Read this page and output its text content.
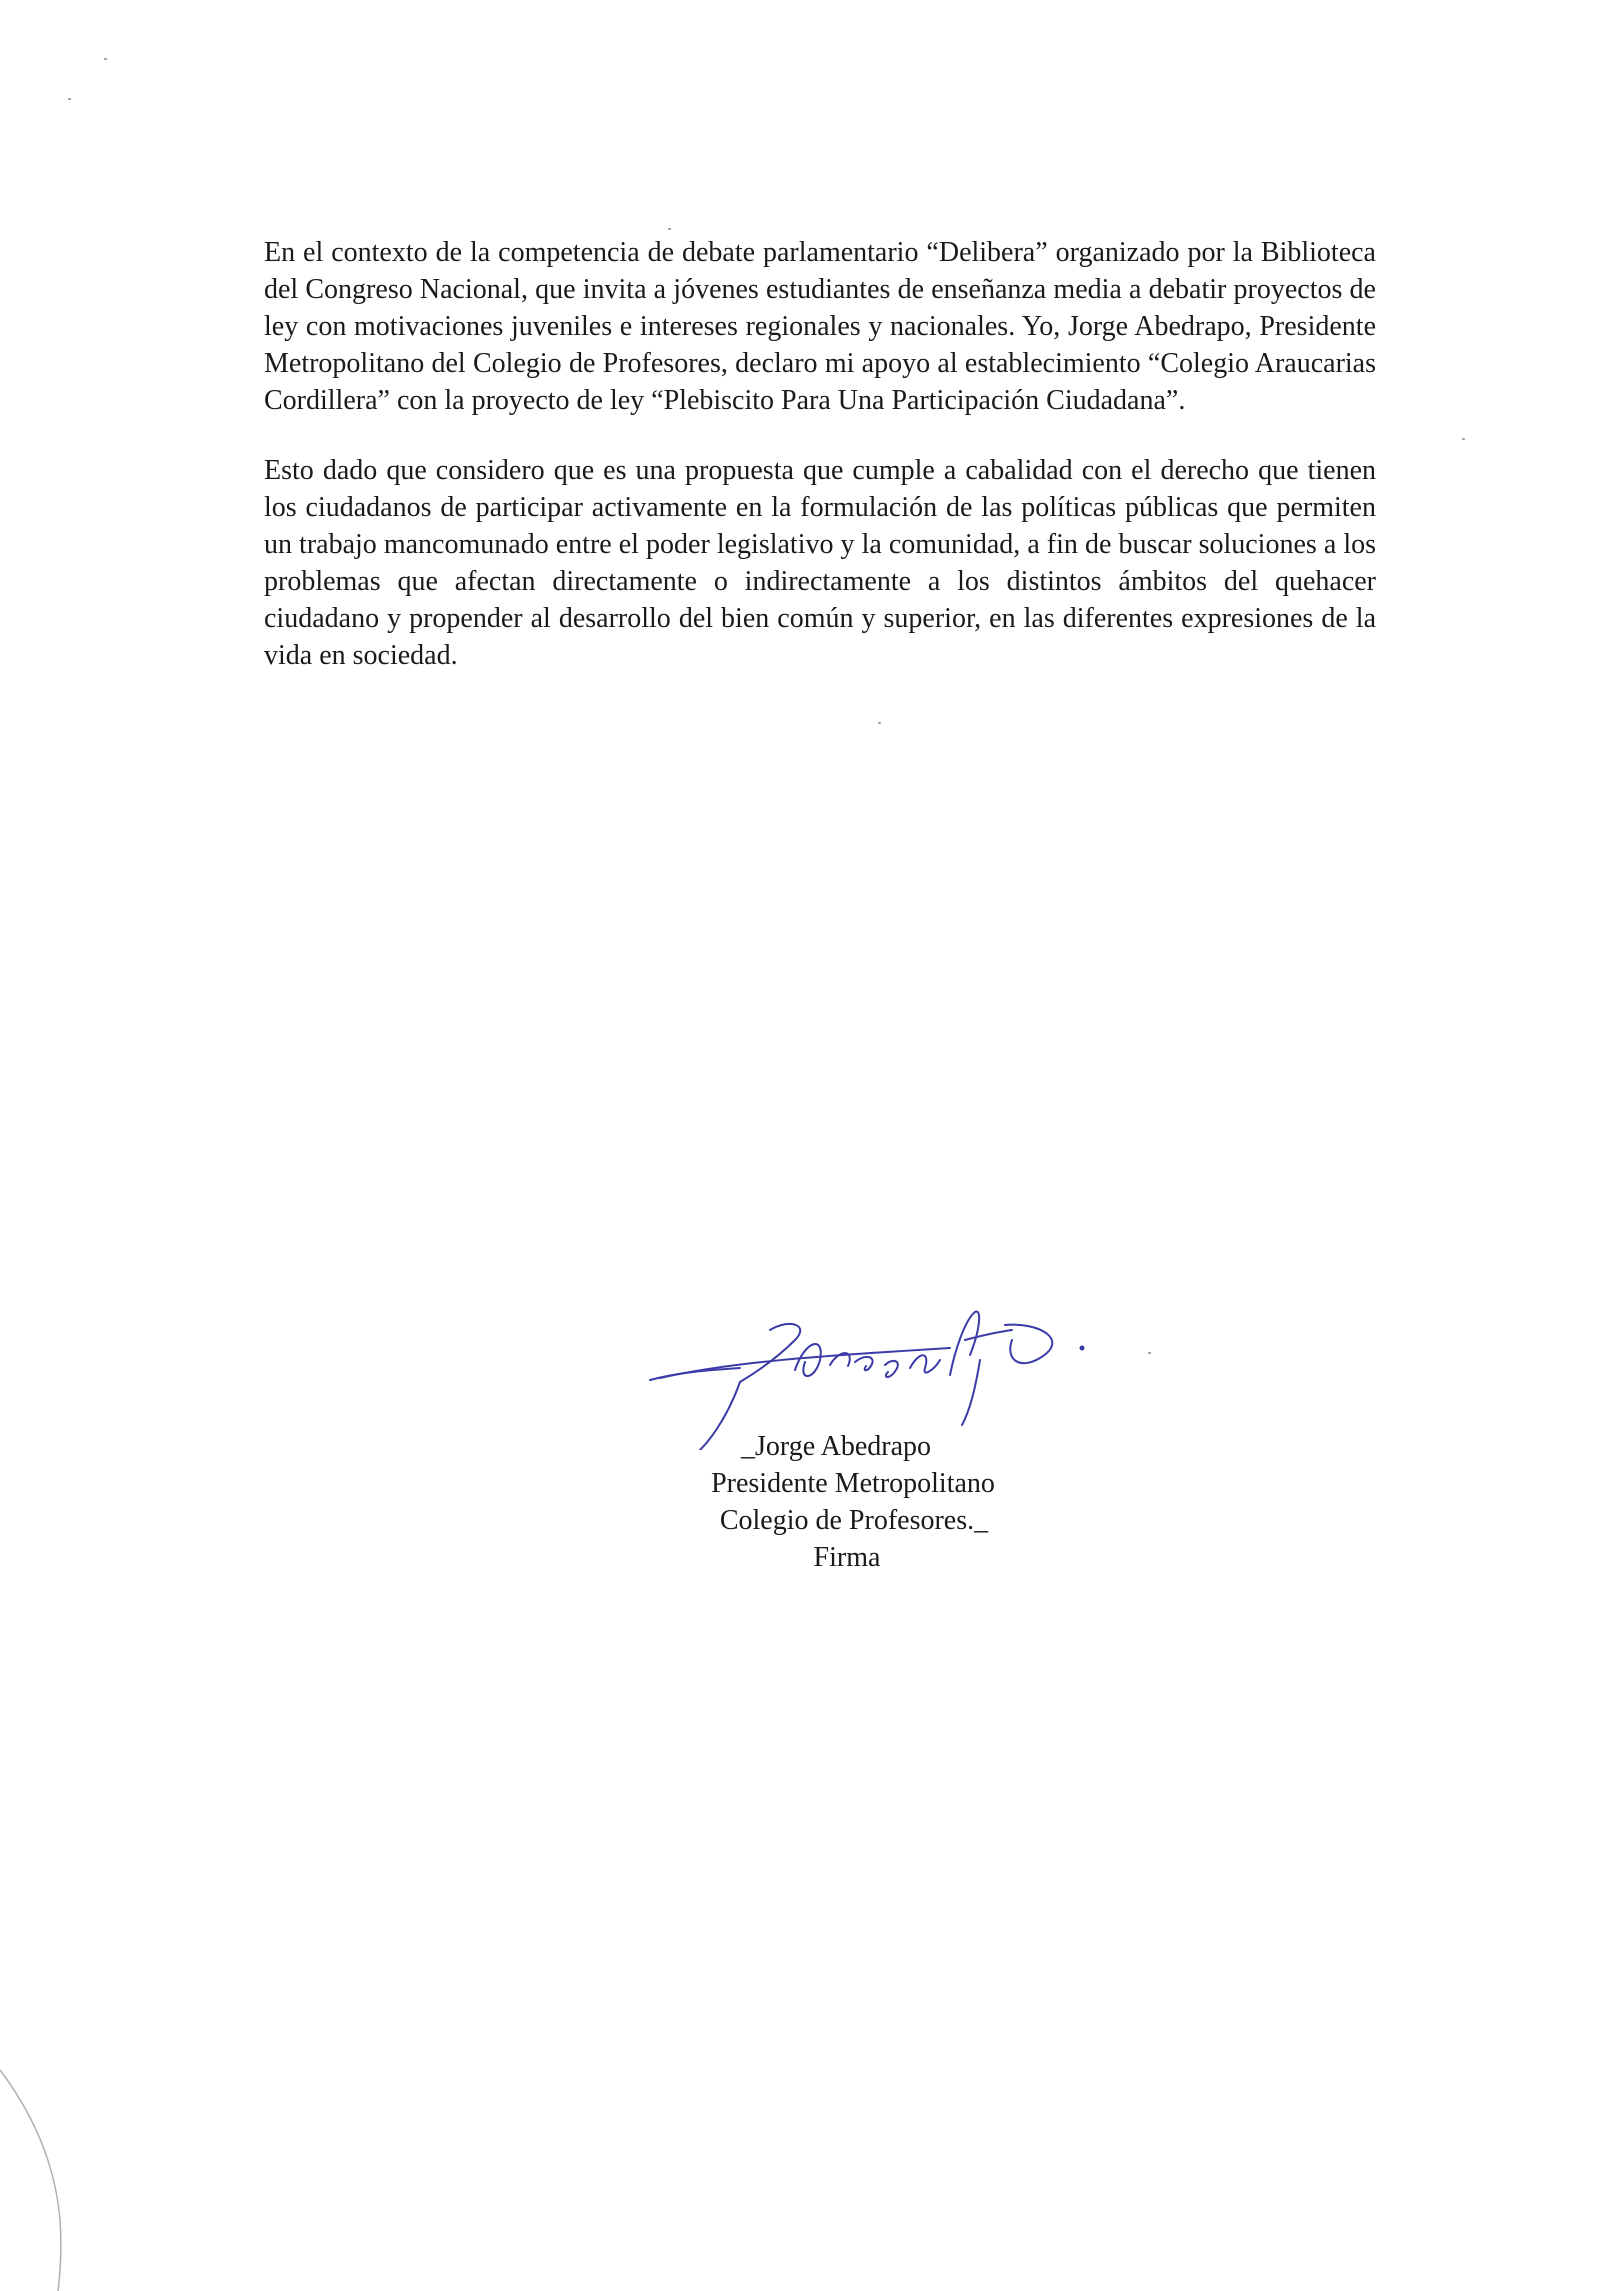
En el contexto de la competencia de debate parlamentario “Delibera” organizado por la Biblioteca del Congreso Nacional, que invita a jóvenes estudiantes de enseñanza media a debatir proyectos de ley con motivaciones juveniles e intereses regionales y nacionales. Yo, Jorge Abedrapo, Presidente Metropolitano del Colegio de Profesores, declaro mi apoyo al establecimiento “Colegio Araucarias Cordillera” con la proyecto de ley “Plebiscito Para Una Participación Ciudadana”.

Esto dado que considero que es una propuesta que cumple a cabalidad con el derecho que tienen los ciudadanos de participar activamente en la formulación de las políticas públicas que permiten un trabajo mancomunado entre el poder legislativo y la comunidad, a fin de buscar soluciones a los problemas que afectan directamente o indirectamente a los distintos ámbitos del quehacer ciudadano y propender al desarrollo del bien común y superior, en las diferentes expresiones de la vida en sociedad.

_Jorge Abedrapo
Presidente Metropolitano
Colegio de Profesores._
Firma
